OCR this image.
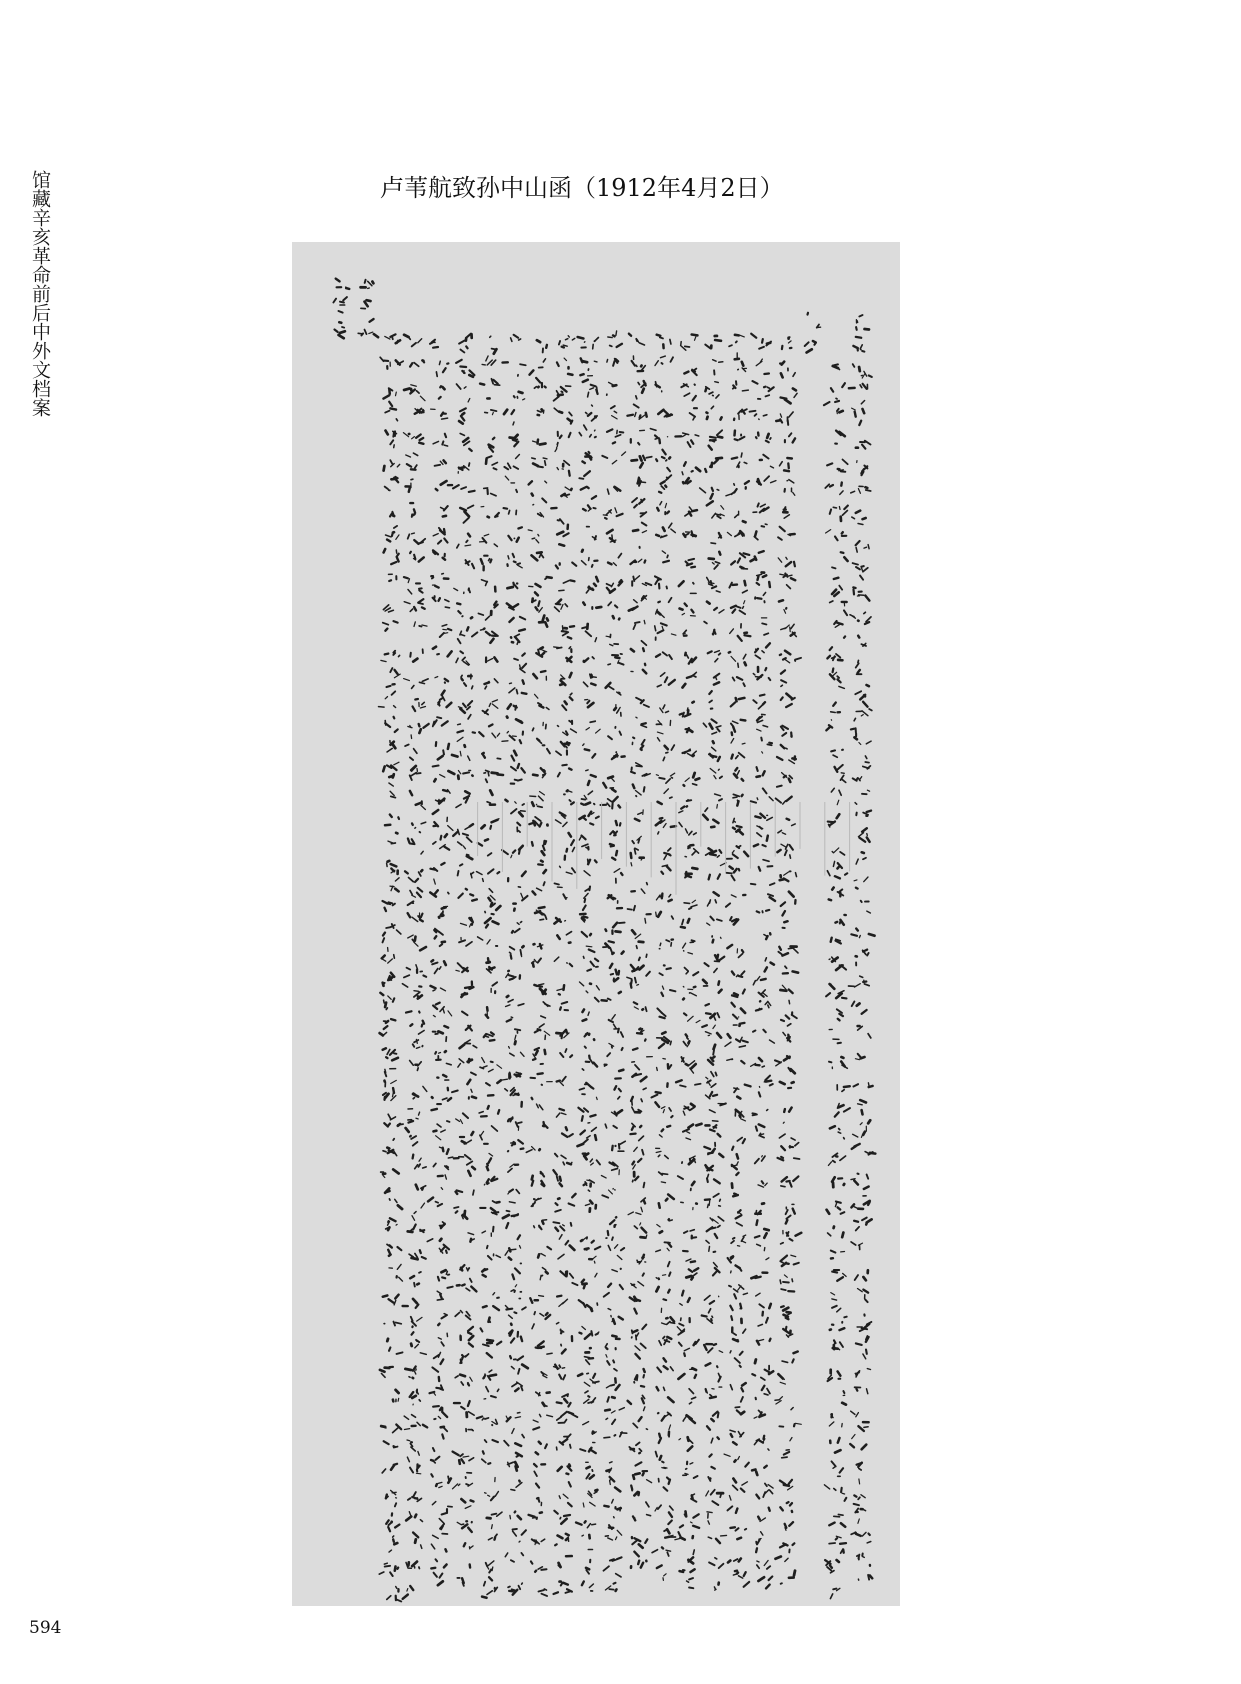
馆藏辛亥革命前后中外文档案	卢苇航致孙中山函（1912年4月2日）
594
